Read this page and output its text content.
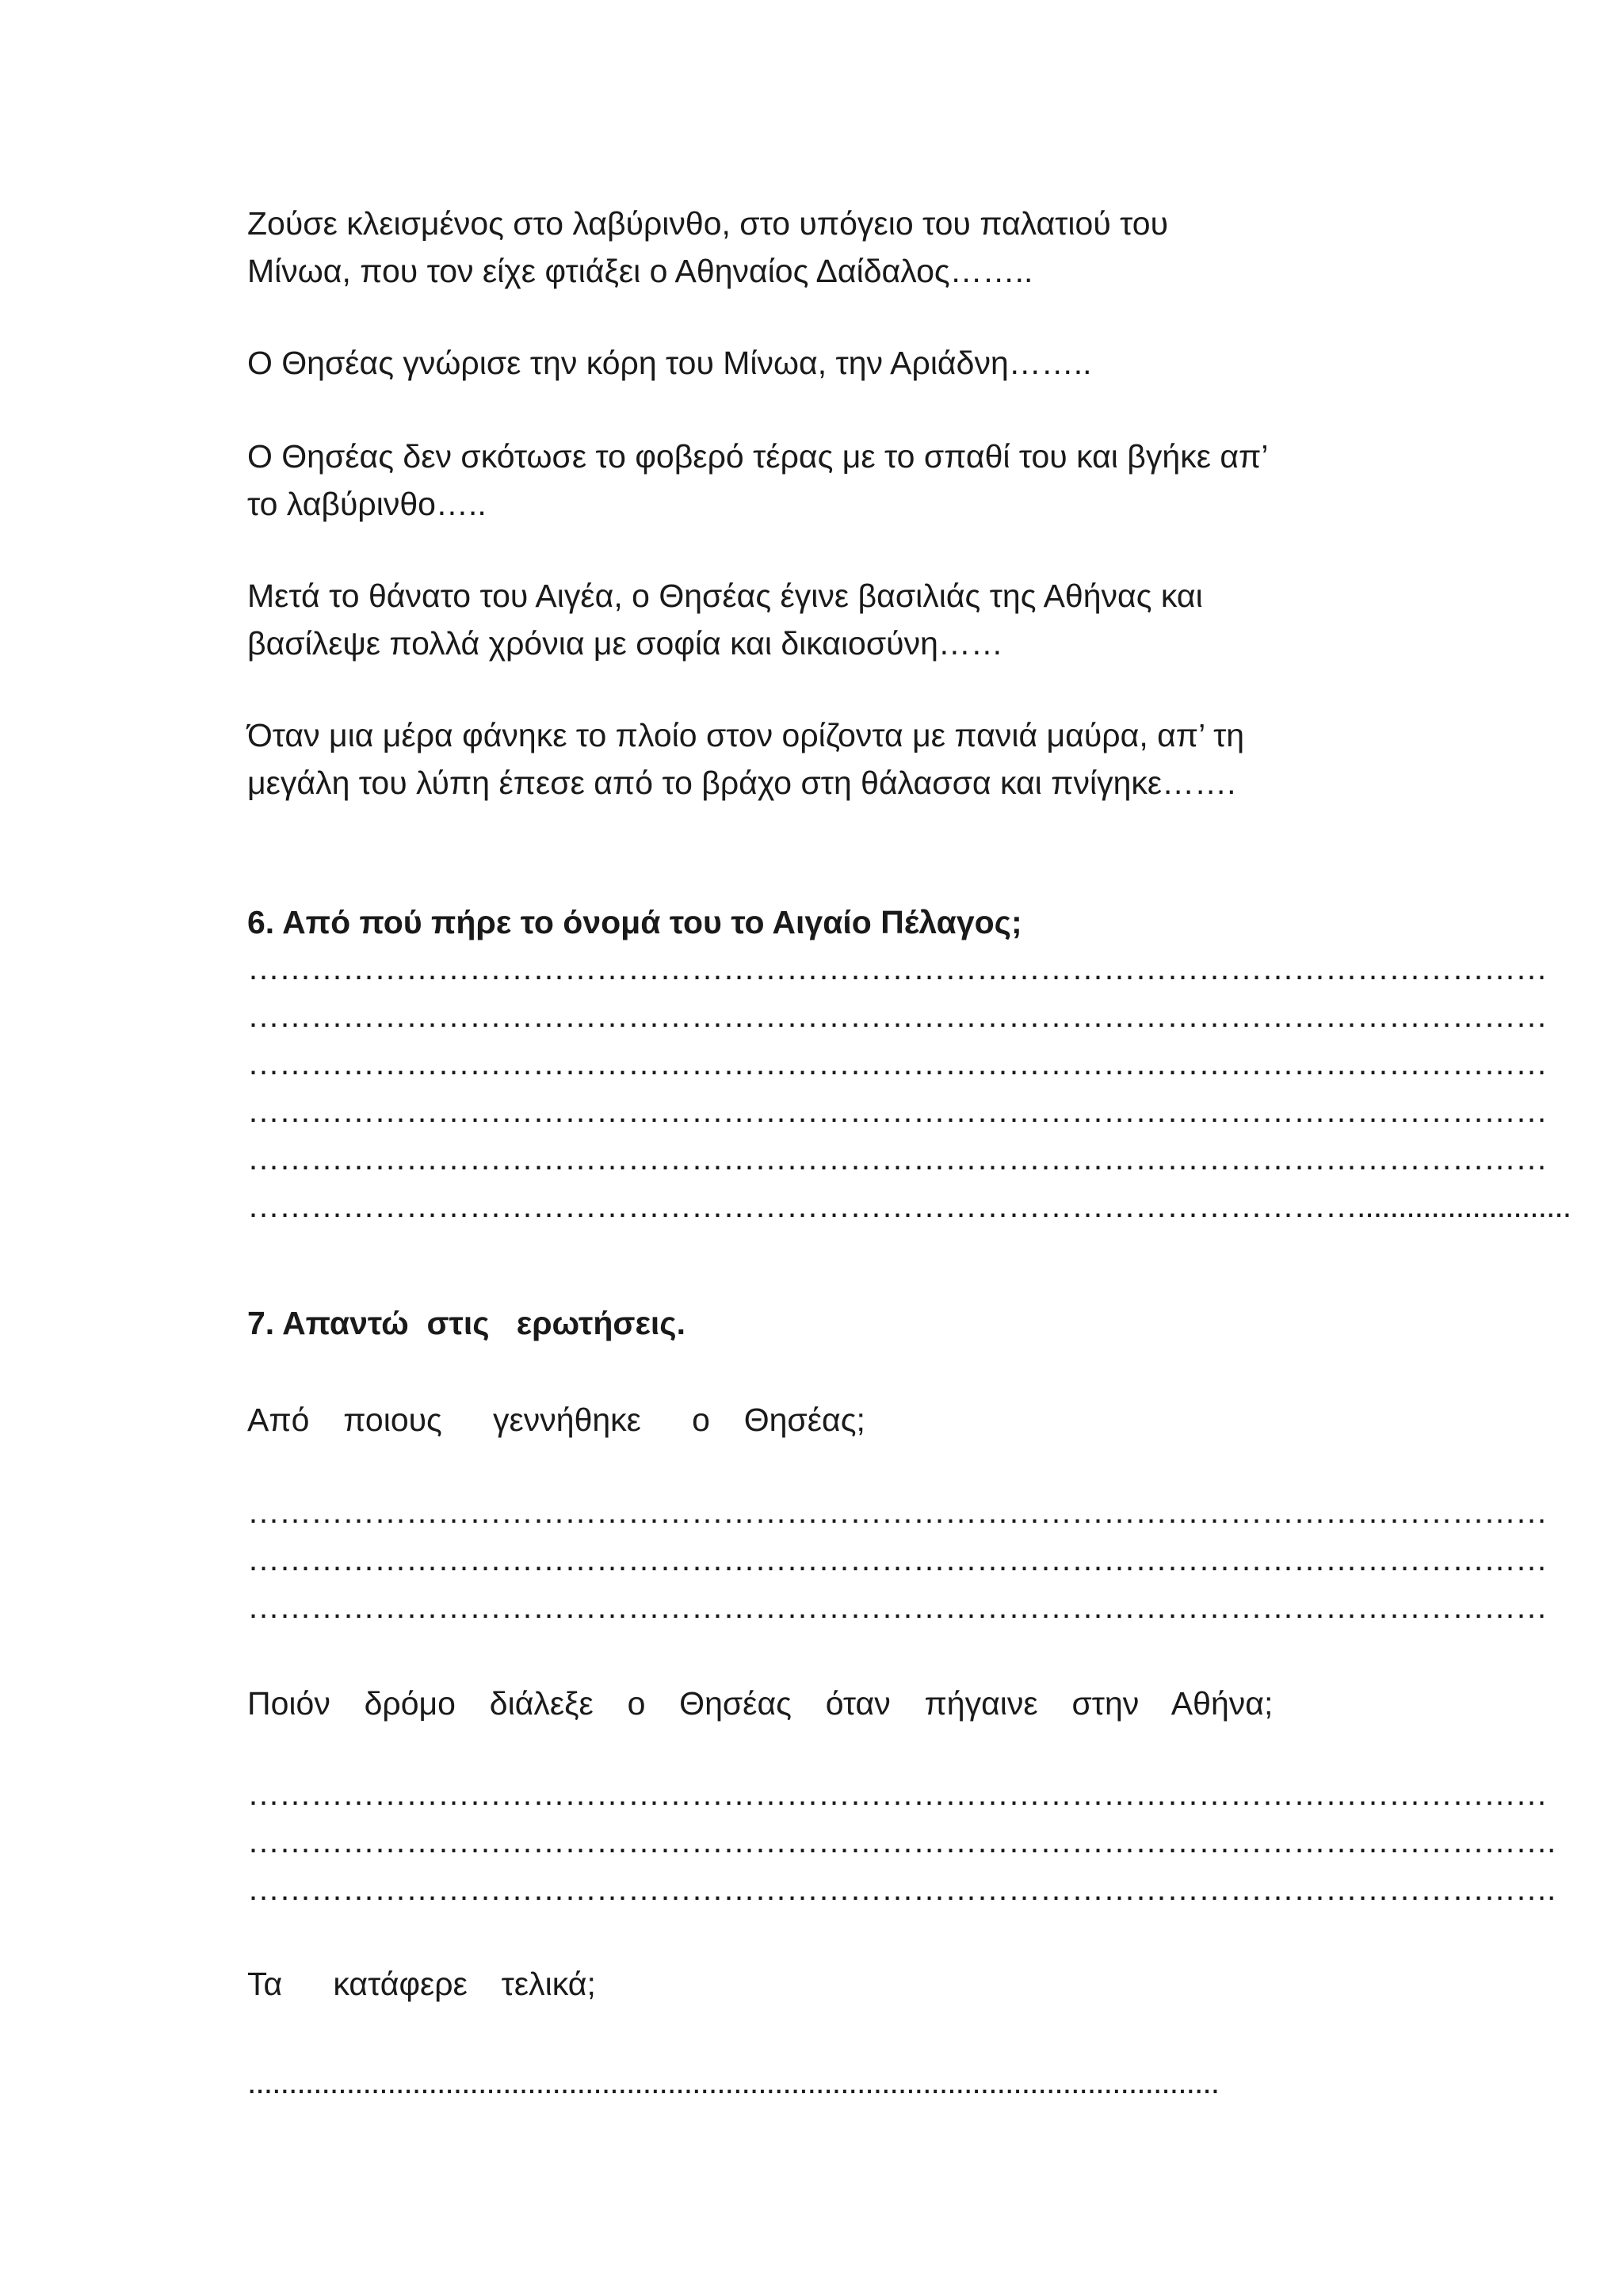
Ζούσε κλεισμένος στο λαβύρινθο, στο υπόγειο του παλατιού του
Μίνωα, που τον είχε φτιάξει ο Αθηναίος Δαίδαλος……..
Ο Θησέας γνώρισε την κόρη του Μίνωα, την Αριάδνη……..
Ο Θησέας δεν σκότωσε το φοβερό τέρας με το σπαθί του και βγήκε απ’
το λαβύρινθο…..
Μετά το θάνατο του Αιγέα, ο Θησέας έγινε βασιλιάς της Αθήνας και
βασίλεψε πολλά χρόνια με σοφία και δικαιοσύνη……
Όταν μια μέρα φάνηκε το πλοίο στον ορίζοντα με πανιά μαύρα, απ’ τη
μεγάλη του λύπη έπεσε από το βράχο στη θάλασσα και πνίγηκε…….
6. Από πού πήρε το όνομά του το Αιγαίο Πέλαγος;
……………………………………………………………………………………………………………
……………………………………………………………………………………………………………
……………………………………………………………………………………………………………
……………………………………………………………………………………………………………
……………………………………………………………………………………………………………
……………………………………………………………………………………………..........................
7. Απαντώ  στις   ερωτήσεις.
Από  ποιους   γεννήθηκε   ο  Θησέας;
……………………………………………………………………………………………………………
……………………………………………………………………………………………………………
……………………………………………………………………………………………………………
Ποιόν  δρόμο  διάλεξε  ο  Θησέας  όταν  πήγαινε  στην  Αθήνα;
……………………………………………………………………………………………………………
…………………………………………………………………………………………………………….
…………………………………………………………………………………………………………….
Τα   κατάφερε  τελικά;
......................................................................................................................
